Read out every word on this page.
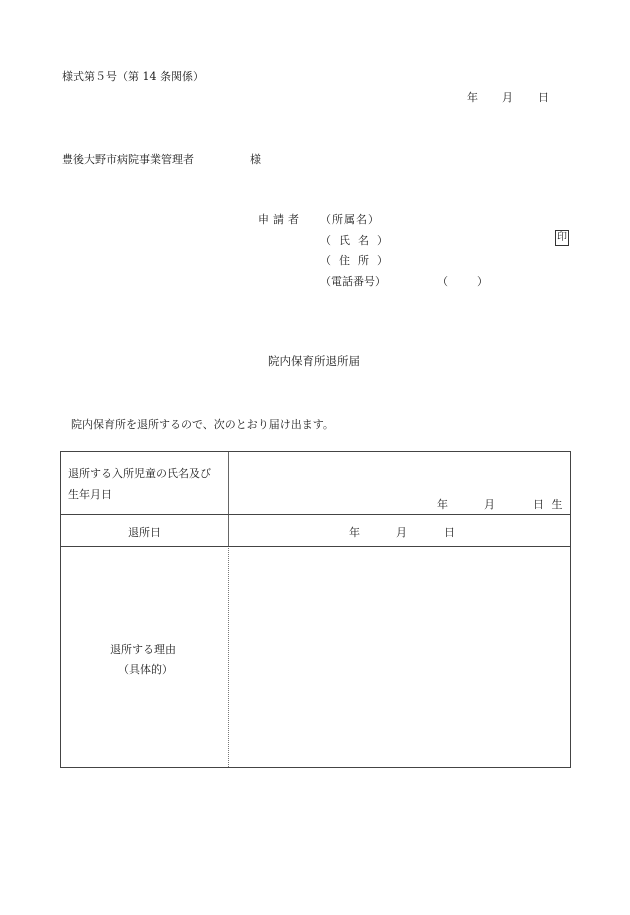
様式第５号（第 14 条関係）
年 月 日
豊後大野市病院事業管理者	様
申請者 （所属名）
（氏名）
（住所）
（電話番号）	（	）
印
院内保育所退所届
院内保育所を退所するので、次のとおり届け出ます。
退所する入所児童の氏名及び
生年月日
年	月	日 生
退所日	年	月	日
退所する理由
（具体的）
